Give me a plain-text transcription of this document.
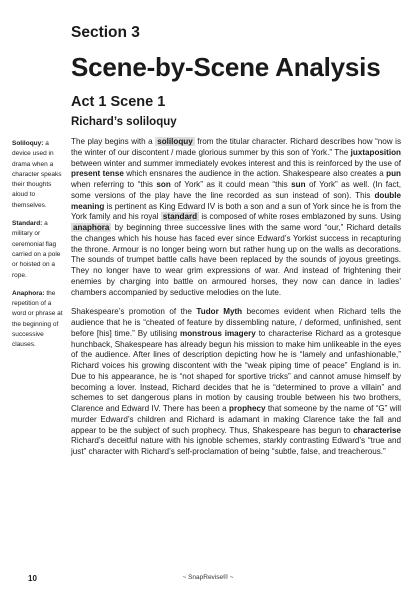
Section 3
Scene-by-Scene Analysis
Act 1 Scene 1
Richard’s soliloquy
Soliloquy: a device used in drama when a character speaks their thoughts aloud to themselves.
Standard: a military or ceremonial flag carried on a pole or hoisted on a rope.
Anaphora: the repetition of a word or phrase at the beginning of successive clauses.

The play begins with a soliloquy from the titular character. Richard describes how “now is the winter of our discontent / made glorious summer by this son of York.” The juxtaposition between winter and summer immediately evokes interest and this is reinforced by the use of present tense which ensnares the audience in the action. Shakespeare also creates a pun when referring to “this son of York” as it could mean “this sun of York” as well. (In fact, some versions of the play have the line recorded as sun instead of son). This double meaning is pertinent as King Edward IV is both a son and a sun of York since he is from the York family and his royal standard is composed of white roses emblazoned by suns. Using anaphora by beginning three successive lines with the same word “our,” Richard details the changes which his house has faced ever since Edward’s Yorkist success in recapturing the throne. Armour is no longer being worn but rather hung up on the walls as decorations. The sounds of trumpet battle calls have been replaced by the sounds of joyous greetings. They no longer have to wear grim expressions of war. And instead of frightening their enemies by charging into battle on armoured horses, they now can dance in ladies’ chambers accompanied by seductive melodies on the lute.

Shakespeare’s promotion of the Tudor Myth becomes evident when Richard tells the audience that he is “cheated of feature by dissembling nature, / deformed, unfinished, sent before [his] time.” By utilising monstrous imagery to characterise Richard as a grotesque hunchback, Shakespeare has already begun his mission to make him unlikeable in the eyes of the audience. After lines of description depicting how he is “lamely and unfashionable,” Richard voices his growing discontent with the “weak piping time of peace” England is in. Due to his appearance, he is “not shaped for sportive tricks” and cannot amuse himself by becoming a lover. Instead, Richard decides that he is “determined to prove a villain” and schemes to set dangerous plans in motion by causing trouble between his two brothers, Clarence and Edward IV. There has been a prophecy that someone by the name of “G” will murder Edward’s children and Richard is adamant in making Clarence take the fall and appear to be the subject of such prophecy. Thus, Shakespeare has begun to characterise Richard’s deceitful nature with his ignoble schemes, starkly contrasting Edward’s “true and just” character with Richard’s self-proclamation of being “subtle, false, and treacherous.”

10	~ SnapRevise® ~
